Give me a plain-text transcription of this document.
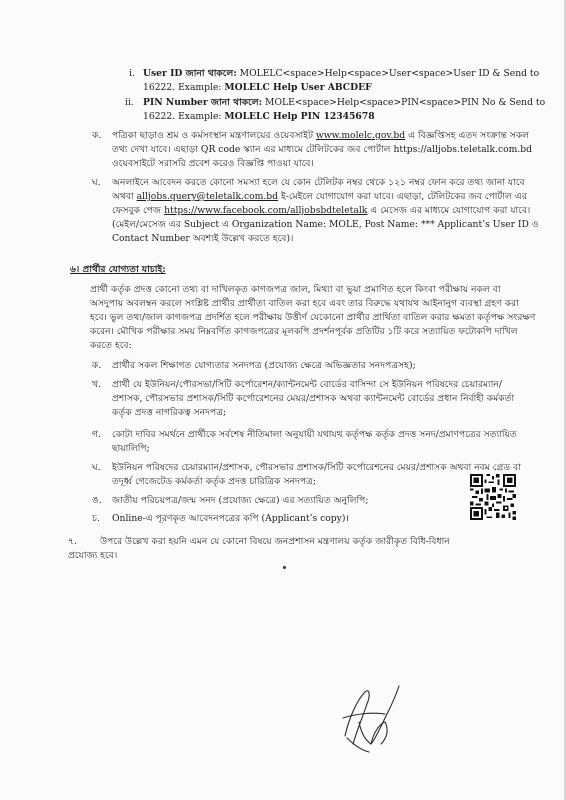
i. User ID জানা থাকলে: MOLELC<space>Help<space>User<space>User ID & Send to
16222. Example: MOLELC Help User ABCDEF
ii. PIN Number জানা থাকলে: MOLE<space>Help<space>PIN<space>PIN No & Send to
16222. Example: MOLELC Help PIN 12345678
ক. পত্রিকা ছাড়াও শ্রম ও কর্মসংস্থান মন্ত্রণালয়ের ওয়েবসাইট www.molelc.gov.bd এ বিজ্ঞপ্তিসহ এতদ সংক্রান্ত সকল
তথ্য দেখা যাবে। এছাড়া QR code স্ক্যান এর মাধ্যমে টেলিটকের জব পোর্টাল https://alljobs.teletalk.com.bd
ওয়েবসাইটে সরাসরি প্রবেশ করেও বিজ্ঞপ্তি পাওয়া যাবে।
ঘ. অনলাইনে আবেদন করতে কোনো সমস্যা হলে যে কোন টেলিটক নম্বর থেকে ১২১ নম্বর ফোন করে তথ্য জানা যাবে
অথবা alljobs.query@teletalk.com.bd ই-মেইলে যোগাযোগ করা যাবে। এছাড়া, টেলিটকের জব পোর্টাল এর
ফেসবুক পেজ https://www.facebook.com/alljobsbdteletalk এ মেসেজ এর মাধ্যমে যোগাযোগ করা যাবে।
(মেইল/মেসেজ এর Subject এ Organization Name: MOLE, Post Name: *** Applicant’s User ID ও
Contact Number অবশ্যই উল্লেখ করতে হবে)।
৬। প্রার্থীর যোগ্যতা যাচাই:
প্রার্থী কর্তৃক প্রদত্ত কোনো তথ্য বা দাখিলকৃত কাগজপত্র জাল, মিথ্যা বা ভুয়া প্রমাণিত হলে কিংবা পরীক্ষায় নকল বা
অসদুপায় অবলম্বন করলে সংশ্লিষ্ট প্রার্থীর প্রার্থীতা বাতিল করা হবে এবং তার বিরুদ্ধে যথাযথ আইনানুগ ব্যবস্থা গ্রহণ করা
হবে। ভুল তথ্য/জাল কাগজপত্র প্রদর্শিত হলে পরীক্ষায় উত্তীর্ণ যেকোনো প্রার্থীর প্রার্থিতা বাতিল করার ক্ষমতা কর্তৃপক্ষ সংরক্ষণ
করেন। মৌখিক পরীক্ষার সময় নিম্নবর্ণিত কাগজপত্রের মূলকপি প্রদর্শনপূর্বক প্রতিটির ১টি করে সত্যায়িত ফটোকপি দাখিল
করতে হবে:
ক. প্রার্থীর সকল শিক্ষাগত যোগ্যতার সনদপত্র (প্রযোজ্য ক্ষেত্রে অভিজ্ঞতার সনদপত্রসহ);
খ. প্রার্থী যে ইউনিয়ন/পৌরসভা/সিটি কর্পোরেশন/ক্যান্টনমেন্ট বোর্ডের বাসিন্দা সে ইউনিয়ন পরিষদের চেয়ারম্যান/
প্রশাসক, পৌরসভার প্রশাসক/সিটি কর্পোরেশনের মেয়র/প্রশাসক অথবা ক্যান্টনমেন্ট বোর্ডের প্রধান নির্বাহী কর্মকর্তা
কর্তৃক প্রদত্ত নাগরিকত্ব সনদপত্র;
গ. কোটা দাবির সমর্থনে প্রার্থীকে সর্বশেষ নীতিমালা অনুযায়ী যথাযথ কর্তৃপক্ষ কর্তৃক প্রদত্ত সনদ/প্রমাণপত্রের সত্যায়িত
ছায়ালিপি;
ঘ. ইউনিয়ন পরিষদের চেয়ারম্যান/প্রশাসক, পৌরসভার প্রশাসক/সিটি কর্পোরেশনের মেয়র/প্রশাসক অথবা নবম গ্রেড বা
তদূর্ধ্ব গেজেটেড কর্মকর্তা কর্তৃক প্রদত্ত চারিত্রিক সনদপত্র;
ঙ. জাতীয় পরিচয়পত্র/জন্ম সনদ (প্রযোজ্য ক্ষেত্রে) এর সত্যায়িত অনুলিপি;
চ. Online-এ পূরণকৃত আবেদনপত্রের কপি (Applicant’s copy)।
৭.	উপরে উল্লেখ করা হয়নি এমন যে কোনো বিষয়ে জনপ্রশাসন মন্ত্রণালয় কর্তৃক জারীকৃত বিধি-বিধান
প্রযোজ্য হবে।
